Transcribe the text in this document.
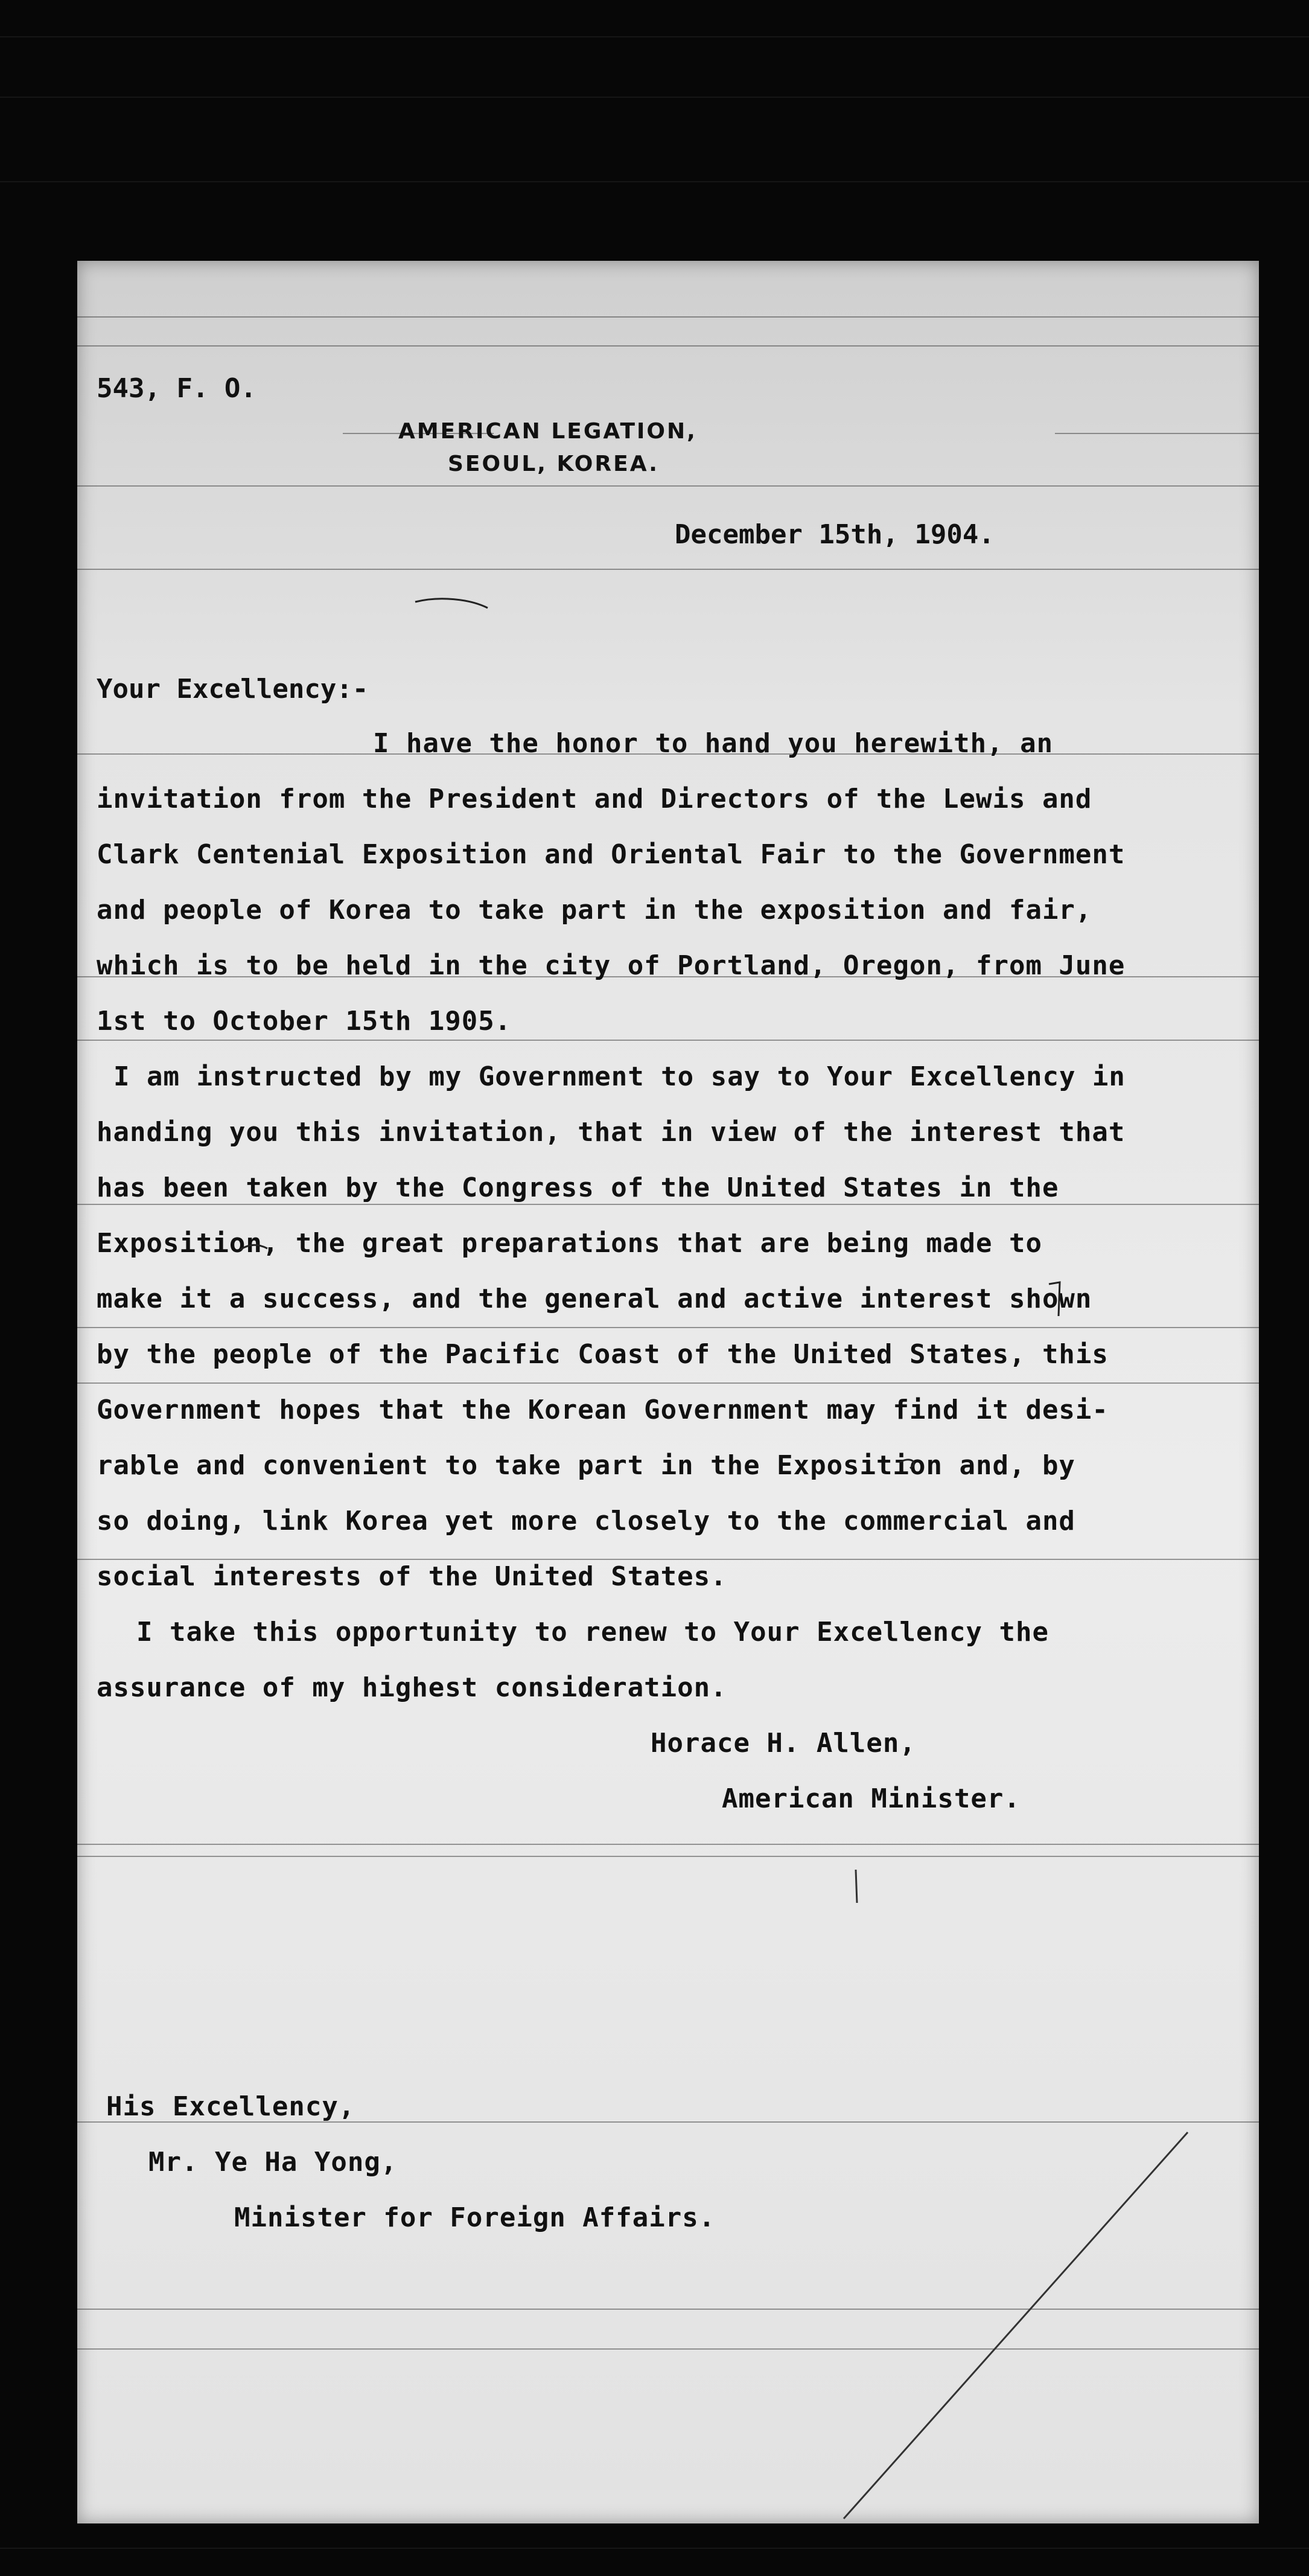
543, F. O.
AMERICAN LEGATION,
SEOUL, KOREA.
December 15th, 1904.
Your Excellency:-
I have the honor to hand you herewith, an
invitation from the President and Directors of the Lewis and
Clark Centenial Exposition and Oriental Fair to the Government
and people of Korea to take part in the exposition and fair,
which is to be held in the city of Portland, Oregon, from June
1st to October 15th 1905.
I am instructed by my Government to say to Your Excellency in
handing you this invitation, that in view of the interest that
has been taken by the Congress of the United States in the
Exposition, the great preparations that are being made to
make it a success, and the general and active interest shown
by the people of the Pacific Coast of the United States, this
Government hopes that the Korean Government may find it desi-
rable and convenient to take part in the Exposition and, by
so doing, link Korea yet more closely to the commercial and
social interests of the United States.
I take this opportunity to renew to Your Excellency the
assurance of my highest consideration.
Horace H. Allen,
American Minister.
His Excellency,
Mr. Ye Ha Yong,
Minister for Foreign Affairs.
